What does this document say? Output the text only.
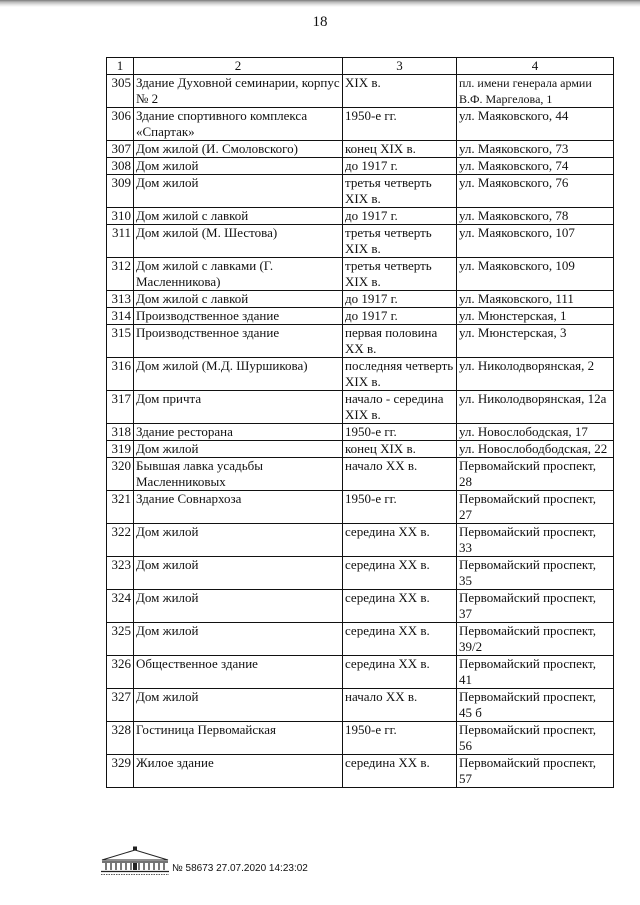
18
1	2	3	4
305	Здание Духовной семинарии, корпус № 2	XIX в.	пл. имени генерала армии В.Ф. Маргелова, 1
306	Здание спортивного комплекса «Спартак»	1950-е гг.	ул. Маяковского, 44
307	Дом жилой (И. Смоловского)	конец XIX в.	ул. Маяковского, 73
308	Дом жилой	до 1917 г.	ул. Маяковского, 74
309	Дом жилой	третья четверть XIX в.	ул. Маяковского, 76
310	Дом жилой с лавкой	до 1917 г.	ул. Маяковского, 78
311	Дом жилой (М. Шестова)	третья четверть XIX в.	ул. Маяковского, 107
312	Дом жилой с лавками (Г. Масленникова)	третья четверть XIX в.	ул. Маяковского, 109
313	Дом жилой с лавкой	до 1917 г.	ул. Маяковского, 111
314	Производственное здание	до 1917 г.	ул. Мюнстерская, 1
315	Производственное здание	первая половина XX в.	ул. Мюнстерская, 3
316	Дом жилой (М.Д. Шуршикова)	последняя четверть XIX в.	ул. Николодворянская, 2
317	Дом причта	начало - середина XIX в.	ул. Николодворянская, 12а
318	Здание ресторана	1950-е гг.	ул. Новослободская, 17
319	Дом жилой	конец XIX в.	ул. Новослободбодская, 22
320	Бывшая лавка усадьбы Масленниковых	начало XX в.	Первомайский проспект, 28
321	Здание Совнархоза	1950-е гг.	Первомайский проспект, 27
322	Дом жилой	середина XX в.	Первомайский проспект, 33
323	Дом жилой	середина XX в.	Первомайский проспект, 35
324	Дом жилой	середина XX в.	Первомайский проспект, 37
325	Дом жилой	середина XX в.	Первомайский проспект, 39/2
326	Общественное здание	середина XX в.	Первомайский проспект, 41
327	Дом жилой	начало XX в.	Первомайский проспект, 45 б
328	Гостиница Первомайская	1950-е гг.	Первомайский проспект, 56
329	Жилое здание	середина XX в.	Первомайский проспект, 57
№ 58673 27.07.2020 14:23:02
